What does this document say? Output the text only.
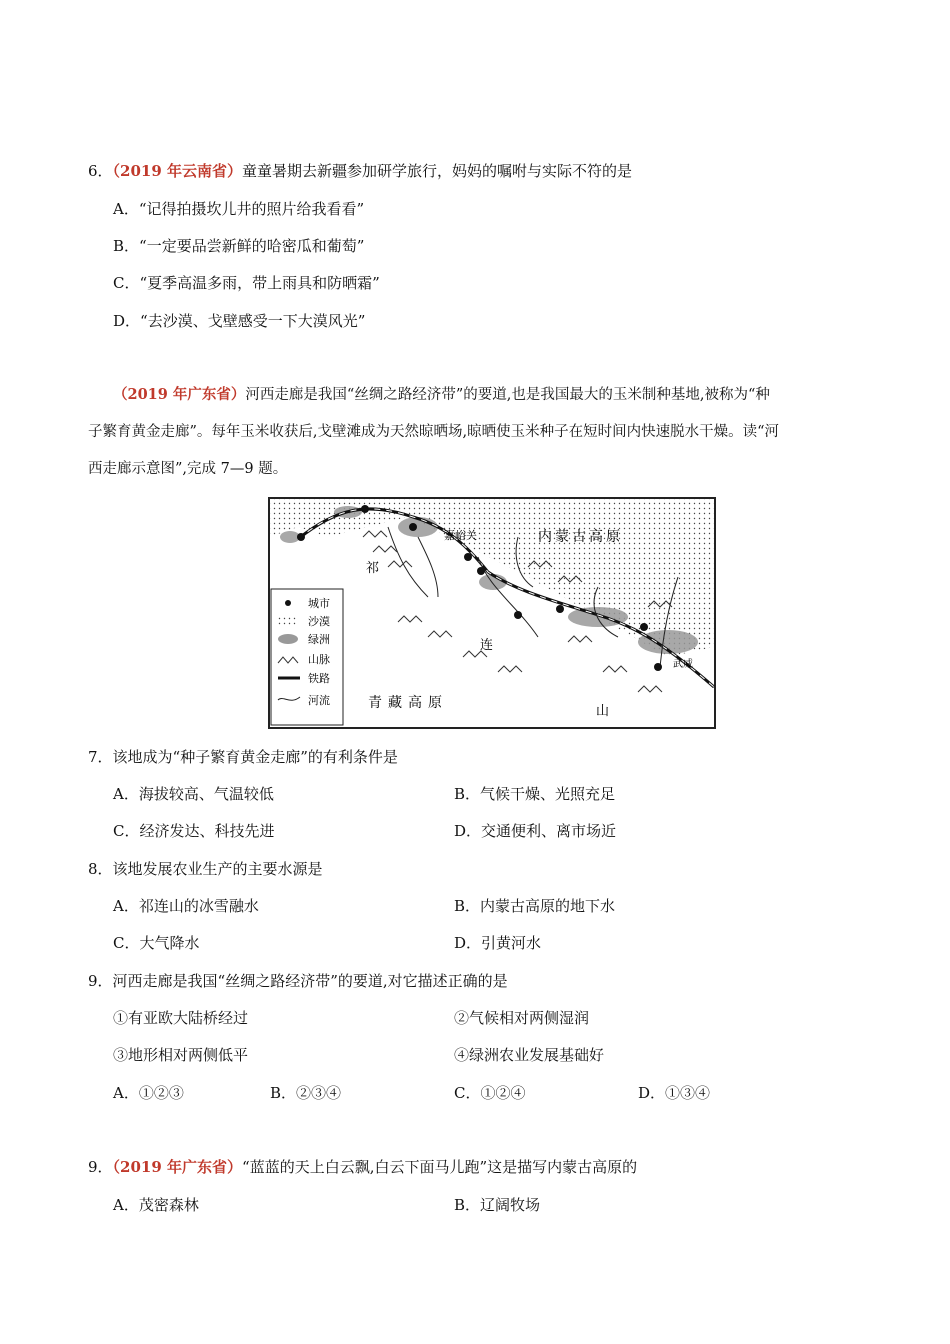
6．（2019 年云南省）童童暑期去新疆参加研学旅行，妈妈的嘱咐与实际不符的是
A．“记得拍摄坎儿井的照片给我看看”
B．“一定要品尝新鲜的哈密瓜和葡萄”
C．“夏季高温多雨，带上雨具和防晒霜”
D．“去沙漠、戈壁感受一下大漠风光”
（2019 年广东省）河西走廊是我国“丝绸之路经济带”的要道,也是我国最大的玉米制种基地,被称为“种
子繁育黄金走廊”。每年玉米收获后,戈壁滩成为天然晾晒场,晾晒使玉米种子在短时间内快速脱水干燥。读“河
西走廊示意图”,完成 7—9 题。
嘉峪关	内蒙古高原
祁
连
山
青藏高原
武威
城市
沙漠
绿洲
山脉
铁路
河流
7．该地成为“种子繁育黄金走廊”的有利条件是
A．海拔较高、气温较低	B．气候干燥、光照充足
C．经济发达、科技先进	D．交通便利、离市场近
8．该地发展农业生产的主要水源是
A．祁连山的冰雪融水	B．内蒙古高原的地下水
C．大气降水	D．引黄河水
9．河西走廊是我国“丝绸之路经济带”的要道,对它描述正确的是
①有亚欧大陆桥经过	②气候相对两侧湿润
③地形相对两侧低平	④绿洲农业发展基础好
A．①②③	B．②③④	C．①②④	D．①③④
9．（2019 年广东省）“蓝蓝的天上白云飘,白云下面马儿跑”这是描写内蒙古高原的
A．茂密森林	B．辽阔牧场
